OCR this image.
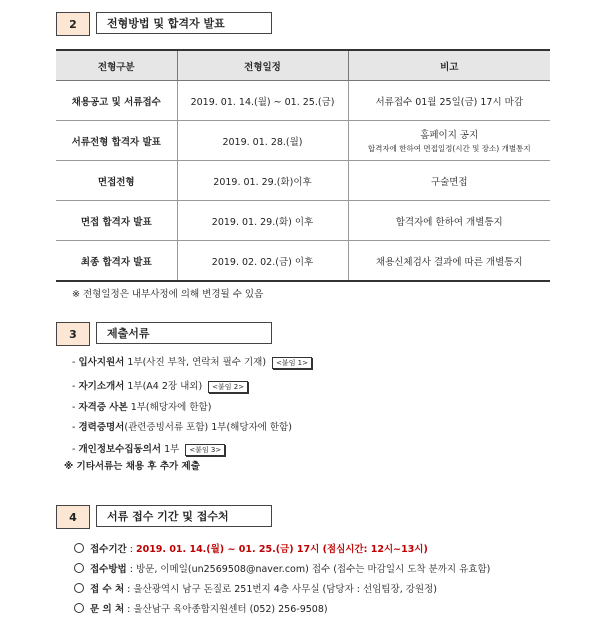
2	전형방법 및 합격자 발표
전형구분	전형일정	비고
채용공고 및 서류접수	2019. 01. 14.(월) ~ 01. 25.(금)	서류접수 01월 25일(금) 17시 마감
서류전형 합격자 발표	2019. 01. 28.(월)	홈페이지 공지
합격자에 한하여 면접일정(시간 및 장소) 개별통지

면접전형	2019. 01. 29.(화)이후	구술면접
면접 합격자 발표	2019. 01. 29.(화) 이후	합격자에 한하여 개별통지
최종 합격자 발표	2019. 02. 02.(금) 이후	채용신체검사 결과에 따른 개별통지
※ 전형일정은 내부사정에 의해 변경될 수 있음
3	제출서류
- 입사지원서 1부(사진 부착, 연락처 필수 기재) <붙임 1>
- 자기소개서 1부(A4 2장 내외) <붙임 2>
- 자격증 사본 1부(해당자에 한함)
- 경력증명서(관련증빙서류 포함) 1부(해당자에 한함)
- 개인정보수집동의서 1부 <붙임 3>
※ 기타서류는 채용 후 추가 제출
4	서류 접수 기간 및 접수처
접수기간 : 2019. 01. 14.(월) ~ 01. 25.(금) 17시 (점심시간: 12시~13시)
접수방법 : 방문, 이메일(un2569508@naver.com) 접수 (접수는 마감일시 도착 분까지 유효함)
접 수 처 : 울산광역시 남구 돈질로 251번지 4층 사무실 (담당자 : 선임팀장, 강원정)
문 의 처 : 울산남구 육아종합지원센터 (052) 256-9508)
